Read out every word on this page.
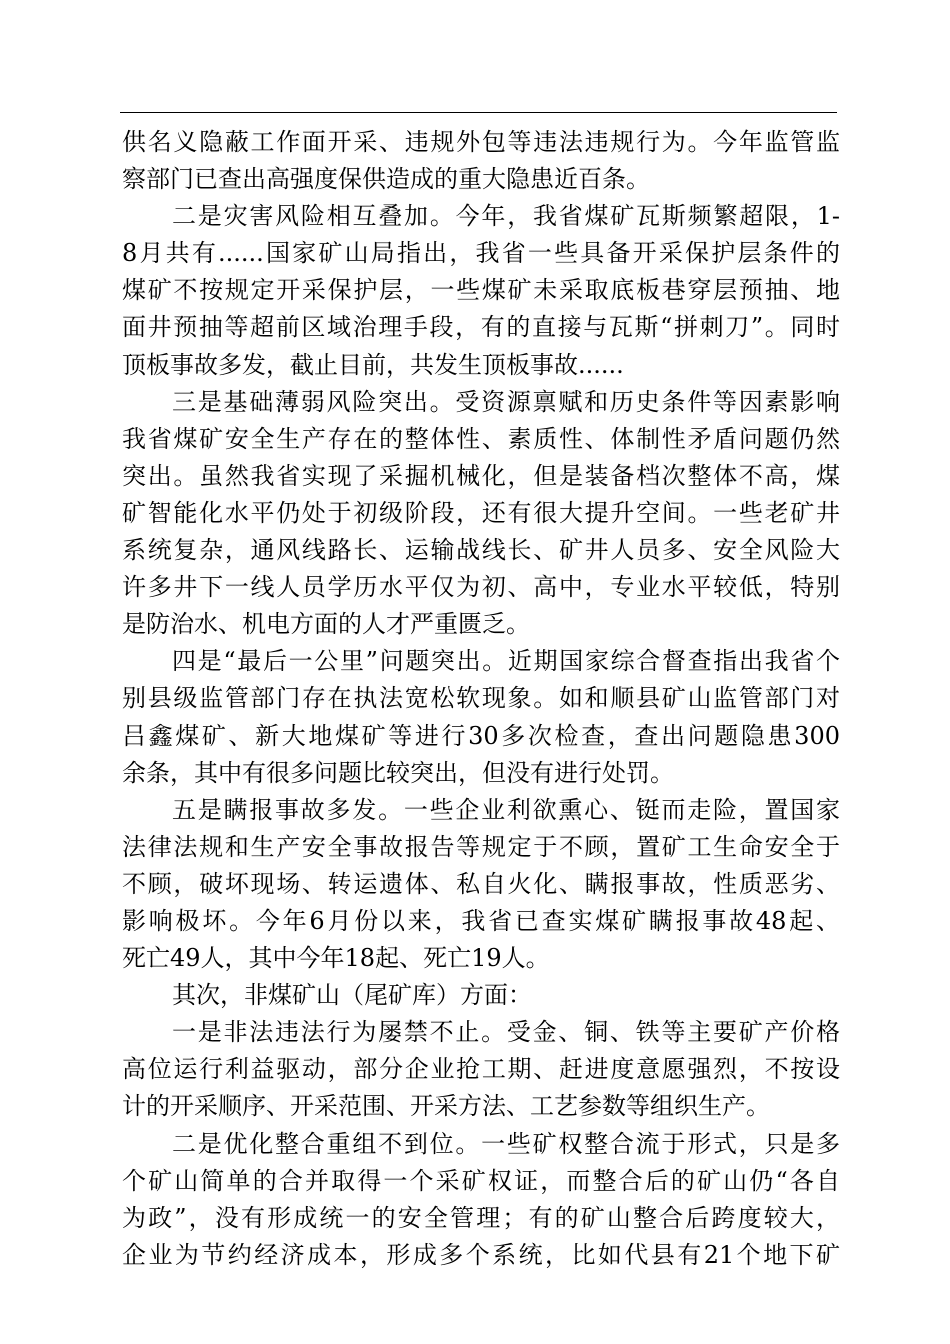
供名义隐蔽工作面开采、违规外包等违法违规行为。今年监管监
察部门已查出高强度保供造成的重大隐患近百条。
二是灾害风险相互叠加。今年，我省煤矿瓦斯频繁超限，1-
8月共有......国家矿山局指出，我省一些具备开采保护层条件的
煤矿不按规定开采保护层，一些煤矿未采取底板巷穿层预抽、地
面井预抽等超前区域治理手段，有的直接与瓦斯“拼刺刀”。同时
顶板事故多发，截止目前，共发生顶板事故......
三是基础薄弱风险突出。受资源禀赋和历史条件等因素影响
我省煤矿安全生产存在的整体性、素质性、体制性矛盾问题仍然
突出。虽然我省实现了采掘机械化，但是装备档次整体不高，煤
矿智能化水平仍处于初级阶段，还有很大提升空间。一些老矿井
系统复杂，通风线路长、运输战线长、矿井人员多、安全风险大
许多井下一线人员学历水平仅为初、高中，专业水平较低，特别
是防治水、机电方面的人才严重匮乏。
四是“最后一公里”问题突出。近期国家综合督查指出我省个
别县级监管部门存在执法宽松软现象。如和顺县矿山监管部门对
吕鑫煤矿、新大地煤矿等进行30多次检查，查出问题隐患300
余条，其中有很多问题比较突出，但没有进行处罚。
五是瞒报事故多发。一些企业利欲熏心、铤而走险，置国家
法律法规和生产安全事故报告等规定于不顾，置矿工生命安全于
不顾，破坏现场、转运遗体、私自火化、瞒报事故，性质恶劣、
影响极坏。今年6月份以来，我省已查实煤矿瞒报事故48起、
死亡49人，其中今年18起、死亡19人。
其次，非煤矿山（尾矿库）方面：
一是非法违法行为屡禁不止。受金、铜、铁等主要矿产价格
高位运行利益驱动，部分企业抢工期、赶进度意愿强烈，不按设
计的开采顺序、开采范围、开采方法、工艺参数等组织生产。
二是优化整合重组不到位。一些矿权整合流于形式，只是多
个矿山简单的合并取得一个采矿权证，而整合后的矿山仍“各自
为政”，没有形成统一的安全管理；有的矿山整合后跨度较大，
企业为节约经济成本，形成多个系统，比如代县有21个地下矿
